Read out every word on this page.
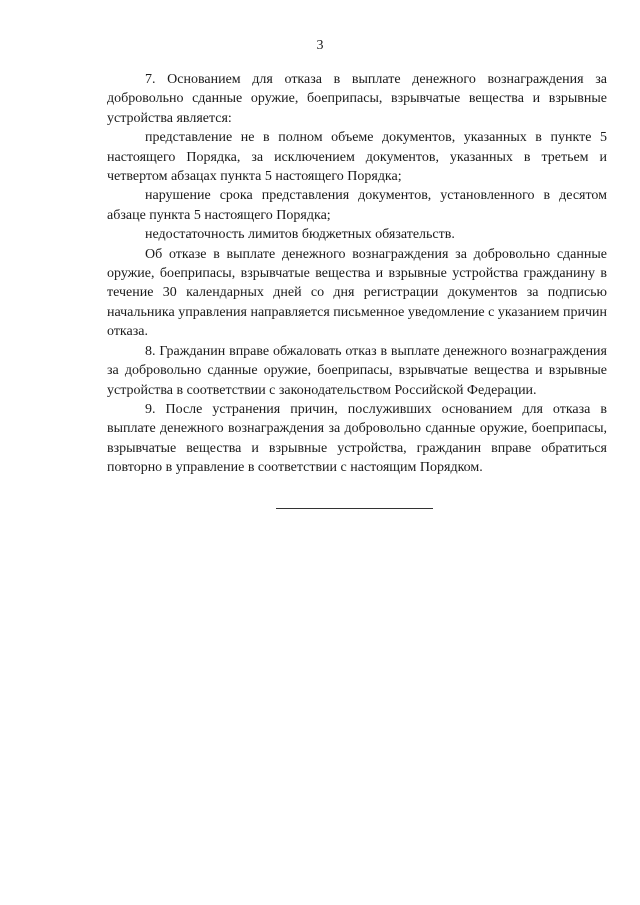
3

7. Основанием для отказа в выплате денежного вознаграждения за добровольно сданные оружие, боеприпасы, взрывчатые вещества и взрывные устройства является:

представление не в полном объеме документов, указанных в пункте 5 настоящего Порядка, за исключением документов, указанных в третьем и четвертом абзацах пункта 5 настоящего Порядка;

нарушение срока представления документов, установленного в десятом абзаце пункта 5 настоящего Порядка;

недостаточность лимитов бюджетных обязательств.

Об отказе в выплате денежного вознаграждения за добровольно сданные оружие, боеприпасы, взрывчатые вещества и взрывные устройства гражданину в течение 30 календарных дней со дня регистрации документов за подписью начальника управления направляется письменное уведомление с указанием причин отказа.

8. Гражданин вправе обжаловать отказ в выплате денежного вознаграждения за добровольно сданные оружие, боеприпасы, взрывчатые вещества и взрывные устройства в соответствии с законодательством Российской Федерации.

9. После устранения причин, послуживших основанием для отказа в выплате денежного вознаграждения за добровольно сданные оружие, боеприпасы, взрывчатые вещества и взрывные устройства, гражданин вправе обратиться повторно в управление в соответствии с настоящим Порядком.
